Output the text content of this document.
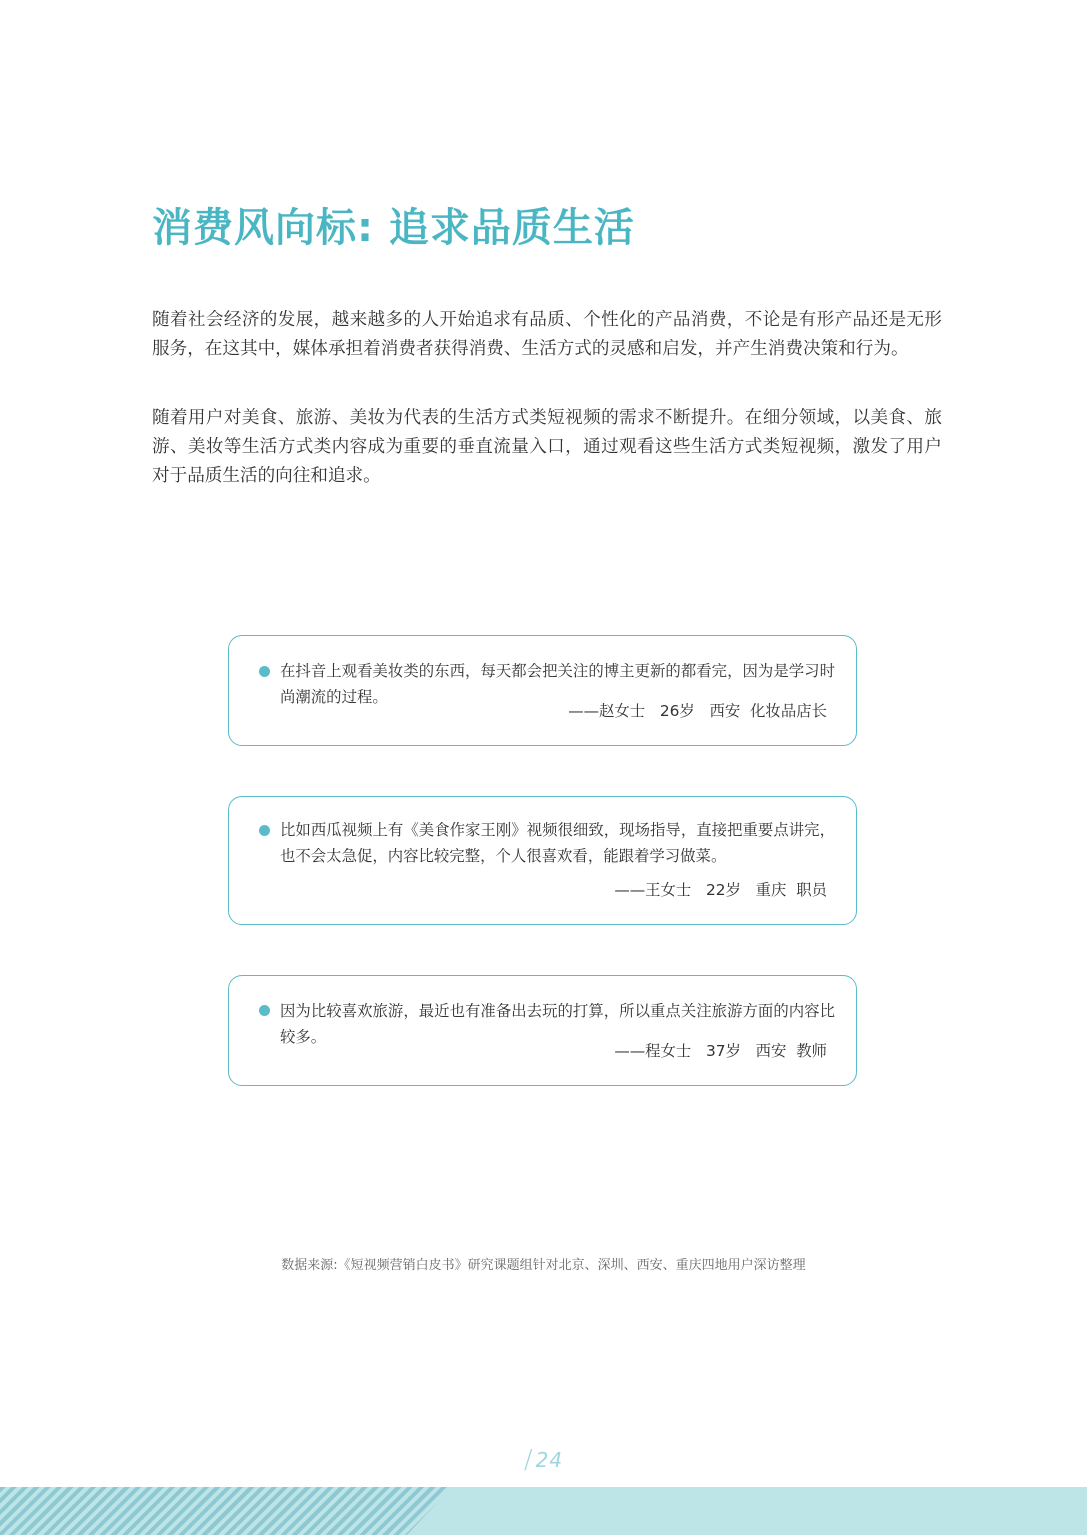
消费风向标: 追求品质生活

随着社会经济的发展，越来越多的人开始追求有品质、个性化的产品消费，不论是有形产品还是无形服务，在这其中，媒体承担着消费者获得消费、生活方式的灵感和启发，并产生消费决策和行为。

随着用户对美食、旅游、美妆为代表的生活方式类短视频的需求不断提升。在细分领域，以美食、旅游、美妆等生活方式类内容成为重要的垂直流量入口，通过观看这些生活方式类短视频，激发了用户对于品质生活的向往和追求。

在抖音上观看美妆类的东西，每天都会把关注的博主更新的都看完，因为是学习时尚潮流的过程。

——赵女士   26岁   西安  化妆品店长

比如西瓜视频上有《美食作家王刚》视频很细致，现场指导，直接把重要点讲完，也不会太急促，内容比较完整，个人很喜欢看，能跟着学习做菜。

——王女士   22岁   重庆  职员

因为比较喜欢旅游，最近也有准备出去玩的打算，所以重点关注旅游方面的内容比较多。

——程女士   37岁   西安  教师

数据来源:《短视频营销白皮书》研究课题组针对北京、深圳、西安、重庆四地用户深访整理

/ 24
